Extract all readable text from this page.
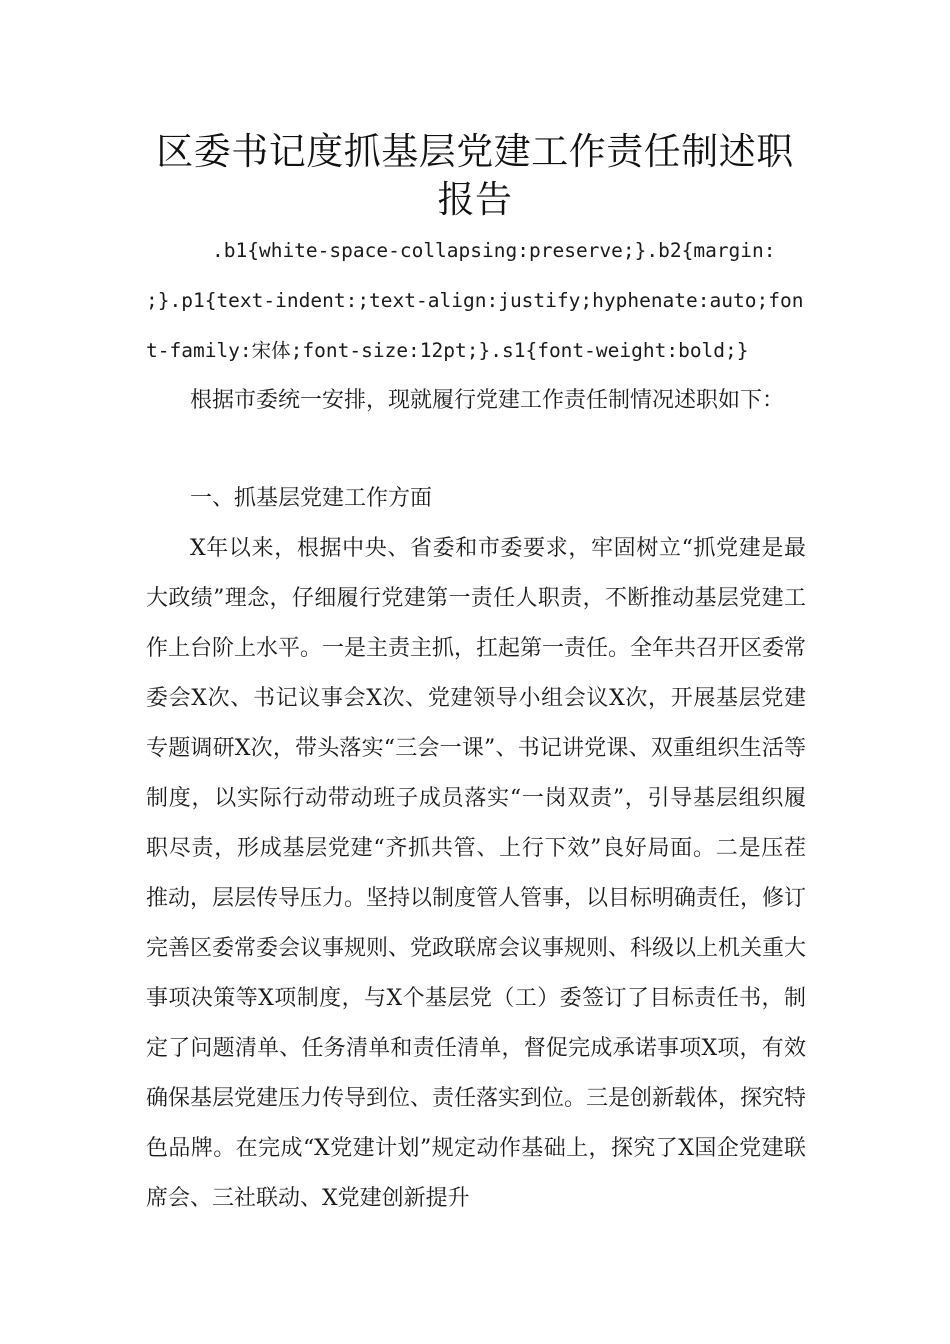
区委书记度抓基层党建工作责任制述职报告

.b1{white-space-collapsing:preserve;}.b2{margin: ;}.p1{text-indent:;text-align:justify;hyphenate:auto;font-family:宋体;font-size:12pt;}.s1{font-weight:bold;}

根据市委统一安排，现就履行党建工作责任制情况述职如下：

一、抓基层党建工作方面

X年以来，根据中央、省委和市委要求，牢固树立“抓党建是最大政绩”理念，仔细履行党建第一责任人职责，不断推动基层党建工作上台阶上水平。一是主责主抓，扛起第一责任。全年共召开区委常委会X次、书记议事会X次、党建领导小组会议X次，开展基层党建专题调研X次，带头落实“三会一课”、书记讲党课、双重组织生活等制度，以实际行动带动班子成员落实“一岗双责”，引导基层组织履职尽责，形成基层党建“齐抓共管、上行下效”良好局面。二是压茬推动，层层传导压力。坚持以制度管人管事，以目标明确责任，修订完善区委常委会议事规则、党政联席会议事规则、科级以上机关重大事项决策等X项制度，与X个基层党（工）委签订了目标责任书，制定了问题清单、任务清单和责任清单，督促完成承诺事项X项，有效确保基层党建压力传导到位、责任落实到位。三是创新载体，探究特色品牌。在完成“X党建计划”规定动作基础上，探究了X国企党建联席会、三社联动、X党建创新提升
